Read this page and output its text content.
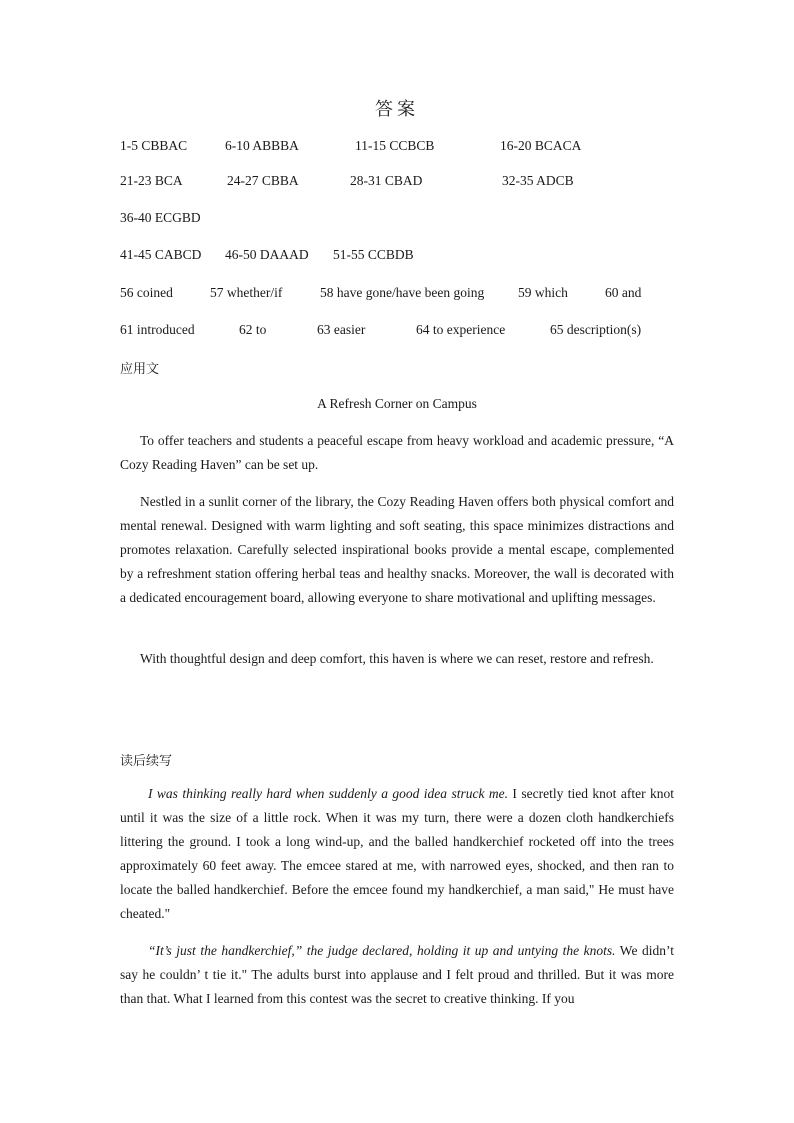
答案
1-5 CBBAC	6-10 ABBBA	11-15 CCBCB	16-20 BCACA
21-23 BCA	24-27 CBBA	28-31 CBAD	32-35 ADCB
36-40 ECGBD
41-45 CABCD 46-50 DAAAD 51-55 CCBDB
56 coined	57 whether/if	58 have gone/have been going	59 which	60 and
61 introduced	62 to	63 easier	64 to experience	65 description(s)
应用文
A Refresh Corner on Campus

To offer teachers and students a peaceful escape from heavy workload and academic pressure, “A Cozy Reading Haven” can be set up.

Nestled in a sunlit corner of the library, the Cozy Reading Haven offers both physical comfort and mental renewal. Designed with warm lighting and soft seating, this space minimizes distractions and promotes relaxation. Carefully selected inspirational books provide a mental escape, complemented by a refreshment station offering herbal teas and healthy snacks. Moreover, the wall is decorated with a dedicated encouragement board, allowing everyone to share motivational and uplifting messages.

With thoughtful design and deep comfort, this haven is where we can reset, restore and refresh.

读后续写

I was thinking really hard when suddenly a good idea struck me. I secretly tied knot after knot until it was the size of a little rock. When it was my turn, there were a dozen cloth handkerchiefs littering the ground. I took a long wind-up, and the balled handkerchief rocketed off into the trees approximately 60 feet away. The emcee stared at me, with narrowed eyes, shocked, and then ran to locate the balled handkerchief. Before the emcee found my handkerchief, a man said," He must have cheated."

“It’s just the handkerchief,” the judge declared, holding it up and untying the knots. We didn’t say he couldn’ t tie it." The adults burst into applause and I felt proud and thrilled. But it was more than that. What I learned from this contest was the secret to creative thinking. If you
